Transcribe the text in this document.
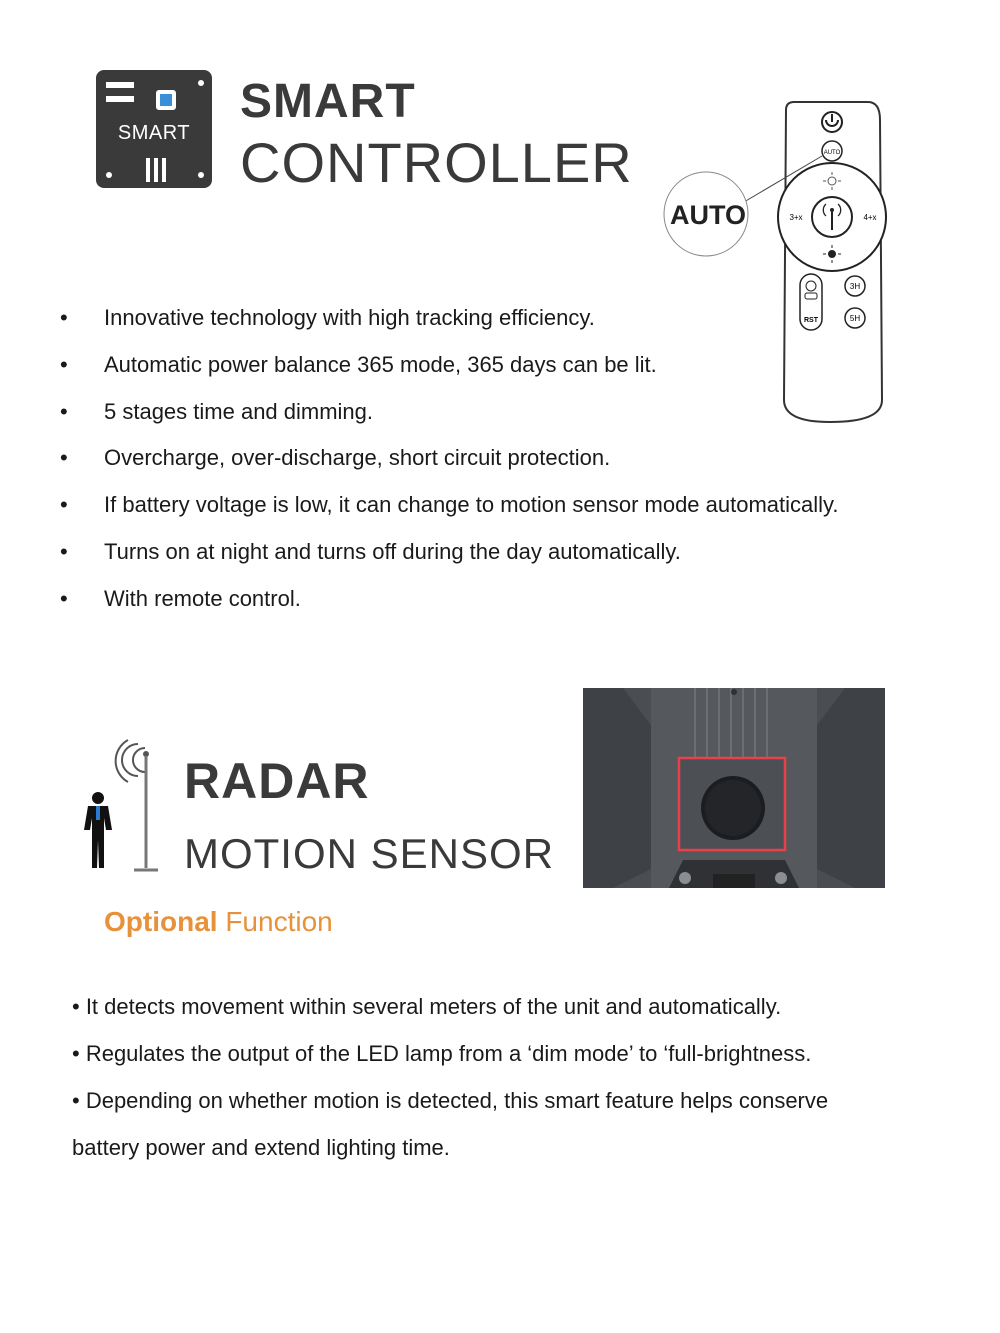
SMART
SMART
CONTROLLER	AUTO
AUTO	3+x	4+x
RST
3H
5H
• Innovative technology with high tracking efficiency.
• Automatic power balance 365 mode, 365 days can be lit.
• 5 stages time and dimming.
• Overcharge, over-discharge, short circuit protection.
• If battery voltage is low, it can change to motion sensor mode automatically.
• Turns on at night and turns off during the day automatically.
• With remote control.
RADAR
MOTION SENSOR
Optional Function
• It detects movement within several meters of the unit and automatically.
• Regulates the output of the LED lamp from a ‘dim mode’ to ‘full-brightness.
• Depending on whether motion is detected, this smart feature helps conserve
battery power and extend lighting time.
